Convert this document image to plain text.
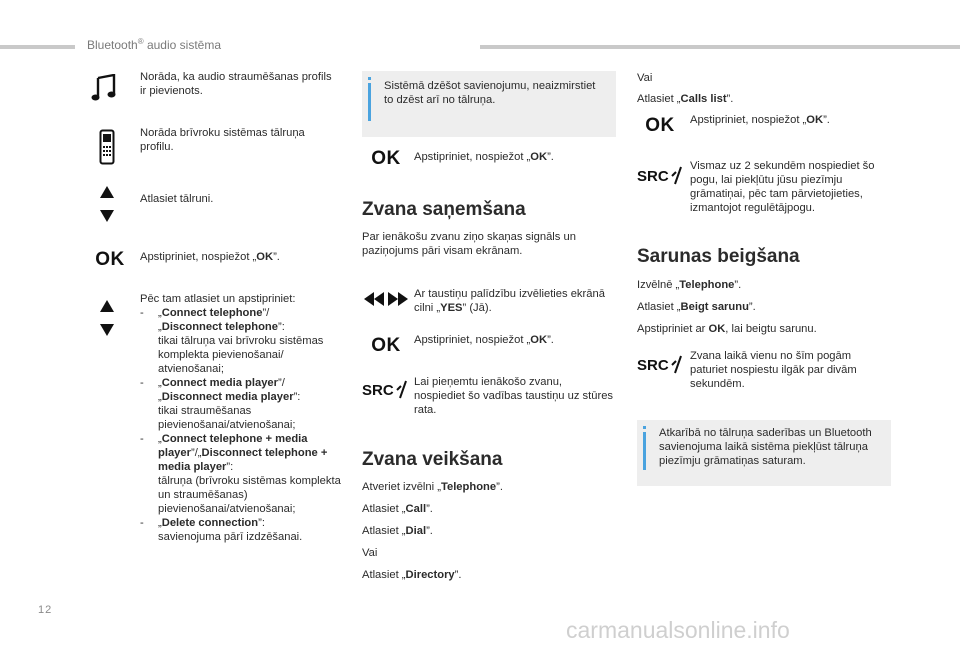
Bluetooth® audio sistēma
Norāda, ka audio straumēšanas profils ir pievienots.
Norāda brīvroku sistēmas tālruņa profilu.
Atlasiet tālruni.
OK	Apstipriniet, nospiežot „OK”.
Pēc tam atlasiet un apstipriniet:
- „Connect telephone”/
„Disconnect telephone”:
tikai tālruņa vai brīvroku sistēmas komplekta pievienošanai/ atvienošanai;
- „Connect media player”/
„Disconnect media player”:
tikai straumēšanas pievienošanai/atvienošanai;
- „Connect telephone + media player”/„Disconnect telephone + media player”:
tālruņa (brīvroku sistēmas komplekta un straumēšanas) pievienošanai/atvienošanai;
- „Delete connection”:
savienojuma pārī izdzēšanai.
Sistēmā dzēšot savienojumu, neaizmirstiet to dzēst arī no tālruņa.
OK	Apstipriniet, nospiežot „OK”.
Zvana saņemšana
Par ienākošu zvanu ziņo skaņas signāls un paziņojums pāri visam ekrānam.
Ar taustiņu palīdzību izvēlieties ekrānā cilni „YES” (Jā).
OK	Apstipriniet, nospiežot „OK”.
SRC Lai pieņemtu ienākošo zvanu, nospiediet šo vadības taustiņu uz stūres rata.
Zvana veikšana
Atveriet izvēlni „Telephone”.
Atlasiet „Call”.
Atlasiet „Dial”.
Vai
Atlasiet „Directory”.
Vai
Atlasiet „Calls list”.
OK	Apstipriniet, nospiežot „OK”.
SRC
Vismaz uz 2 sekundēm nospiediet šo pogu, lai piekļūtu jūsu piezīmju grāmatiņai, pēc tam pārvietojieties, izmantojot regulētājpogu.
Sarunas beigšana
Izvēlnē „Telephone”.
Atlasiet „Beigt sarunu”.
Apstipriniet ar OK, lai beigtu sarunu.
SRC
Zvana laikā vienu no šīm pogām paturiet nospiestu ilgāk par divām sekundēm.
Atkarībā no tālruņa saderības un Bluetooth savienojuma laikā sistēma piekļūst tālruņa piezīmju grāmatiņas saturam.
12
carmanualsonline.info
